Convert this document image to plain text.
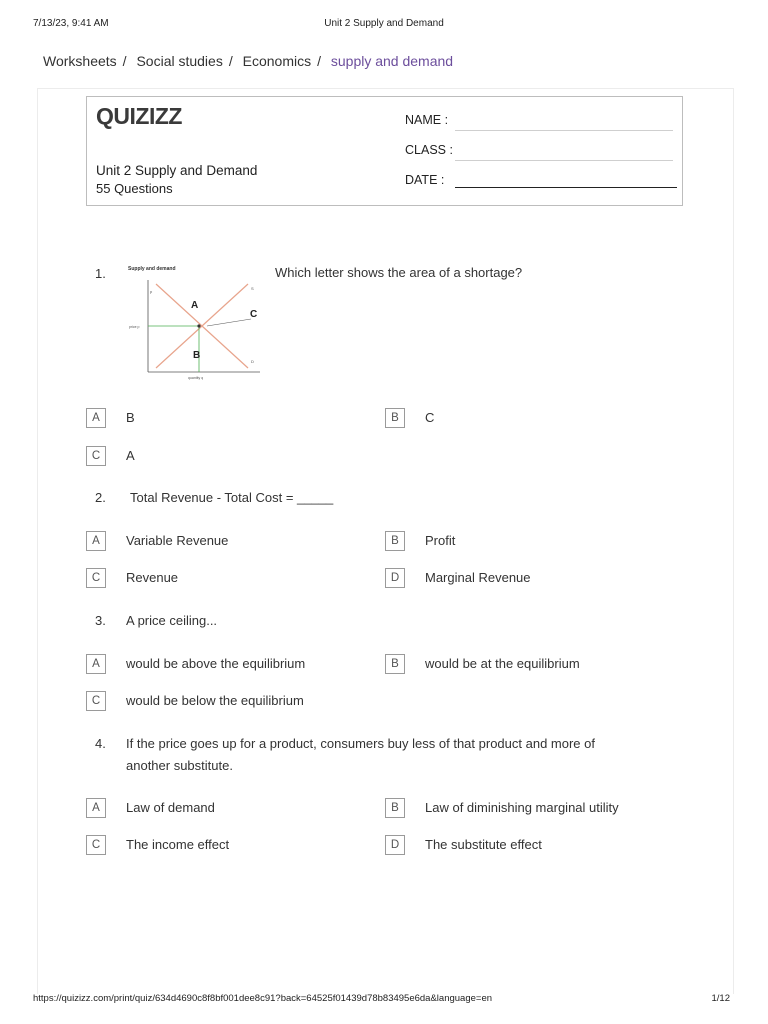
7/13/23, 9:41 AM	Unit 2 Supply and Demand
Worksheets / Social studies / Economics / supply and demand
QUIZIZZ
Unit 2 Supply and Demand
55 Questions
NAME :
CLASS :
DATE :
1.	Supply and demand
p
quantity q
price p
S
D
A
B
C
Which letter shows the area of a shortage?
A	B	B	C
C	A
2. Total Revenue - Total Cost = _____
A	Variable Revenue	B	Profit
C	Revenue	D	Marginal Revenue
3. A price ceiling...
A	would be above the equilibrium	B	would be at the equilibrium
C	would be below the equilibrium
4. If the price goes up for a product, consumers buy less of that product and more of
another substitute.
A	Law of demand	B	Law of diminishing marginal utility
C	The income effect	D	The substitute effect
https://quizizz.com/print/quiz/634d4690c8f8bf001dee8c91?back=64525f01439d78b83495e6da&language=en	1/12
